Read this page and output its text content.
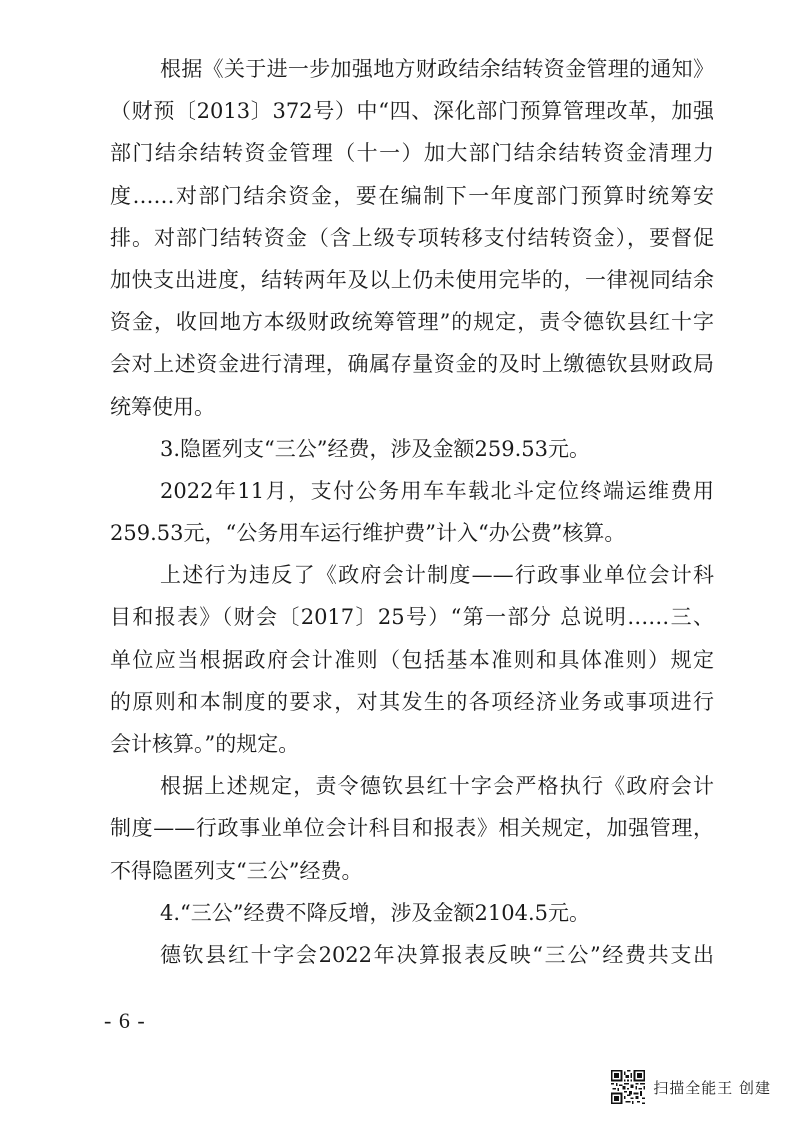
根据《关于进一步加强地方财政结余结转资金管理的通知》
（财预〔2013〕372号）中“四、深化部门预算管理改革，加强
部门结余结转资金管理（十一）加大部门结余结转资金清理力
度……对部门结余资金，要在编制下一年度部门预算时统筹安
排。对部门结转资金（含上级专项转移支付结转资金），要督促
加快支出进度，结转两年及以上仍未使用完毕的，一律视同结余
资金，收回地方本级财政统筹管理”的规定，责令德钦县红十字
会对上述资金进行清理，确属存量资金的及时上缴德钦县财政局
统筹使用。
3.隐匿列支“三公”经费，涉及金额259.53元。
2022年11月，支付公务用车车载北斗定位终端运维费用
259.53元，“公务用车运行维护费”计入“办公费”核算。
上述行为违反了《政府会计制度——行政事业单位会计科
目和报表》（财会〔2017〕25号）“第一部分 总说明……三、
单位应当根据政府会计准则（包括基本准则和具体准则）规定
的原则和本制度的要求，对其发生的各项经济业务或事项进行
会计核算。”的规定。
根据上述规定，责令德钦县红十字会严格执行《政府会计
制度——行政事业单位会计科目和报表》相关规定，加强管理，
不得隐匿列支“三公”经费。
4.“三公”经费不降反增，涉及金额2104.5元。
德钦县红十字会2022年决算报表反映“三公”经费共支出
- 6 -
扫描全能王 创建
